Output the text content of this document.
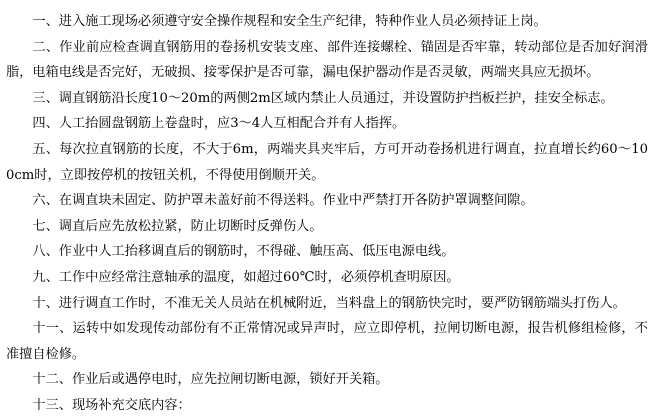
一、进入施工现场必须遵守安全操作规程和安全生产纪律，特种作业人员必须持证上岗。

二、作业前应检查调直钢筋用的卷扬机安装支座、部件连接螺栓、锚固是否牢靠，转动部位是否加好润滑脂，电箱电线是否完好，无破损、接零保护是否可靠，漏电保护器动作是否灵敏，两端夹具应无损坏。

三、调直钢筋沿长度10～20m的两侧2m区域内禁止人员通过，并设置防护挡板拦护，挂安全标志。

四、人工抬圆盘钢筋上卷盘时，应3～4人互相配合并有人指挥。

五、每次拉直钢筋的长度，不大于6m，两端夹具夹牢后，方可开动卷扬机进行调直，拉直增长约60～100cm时，立即按停机的按钮关机，不得使用倒顺开关。

六、在调直块未固定、防护罩未盖好前不得送料。作业中严禁打开各防护罩调整间隙。

七、调直后应先放松拉紧，防止切断时反弹伤人。

八、作业中人工抬移调直后的钢筋时，不得碰、触压高、低压电源电线。

九、工作中应经常注意轴承的温度，如超过60℃时，必须停机查明原因。

十、进行调直工作时，不准无关人员站在机械附近，当料盘上的钢筋快完时，要严防钢筋端头打伤人。

十一、运转中如发现传动部份有不正常情况或异声时，应立即停机，拉闸切断电源，报告机修组检修，不准擅自检修。

十二、作业后或遇停电时，应先拉闸切断电源，锁好开关箱。

十三、现场补充交底内容：
